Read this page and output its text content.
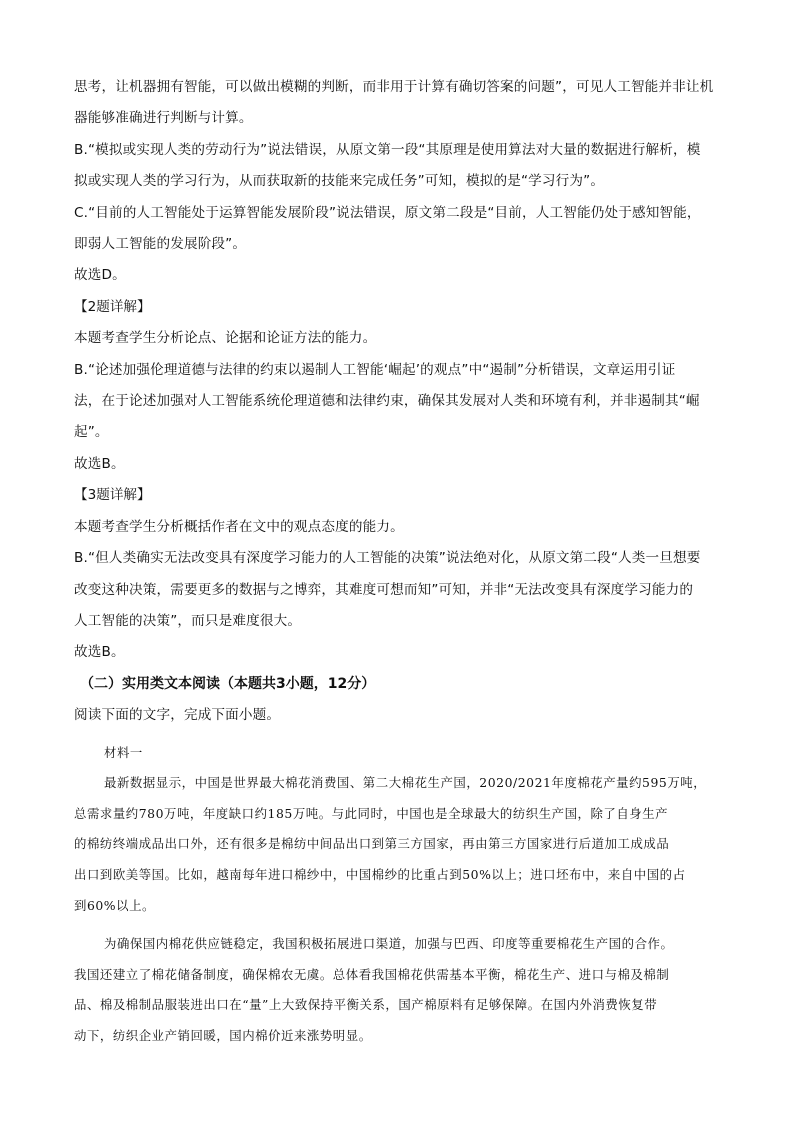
思考，让机器拥有智能，可以做出模糊的判断，而非用于计算有确切答案的问题”，可见人工智能并非让机
器能够准确进行判断与计算。
B.“模拟或实现人类的劳动行为”说法错误，从原文第一段“其原理是使用算法对大量的数据进行解析，模
拟或实现人类的学习行为，从而获取新的技能来完成任务”可知，模拟的是“学习行为”。
C.“目前的人工智能处于运算智能发展阶段”说法错误，原文第二段是“目前，人工智能仍处于感知智能，
即弱人工智能的发展阶段”。
故选D。
【2题详解】
本题考查学生分析论点、论据和论证方法的能力。
B.“论述加强伦理道德与法律的约束以遏制人工智能‘崛起’的观点”中“遏制”分析错误，文章运用引证
法，在于论述加强对人工智能系统伦理道德和法律约束，确保其发展对人类和环境有利，并非遏制其“崛
起”。
故选B。
【3题详解】
本题考查学生分析概括作者在文中的观点态度的能力。
B.“但人类确实无法改变具有深度学习能力的人工智能的决策”说法绝对化，从原文第二段“人类一旦想要
改变这种决策，需要更多的数据与之博弈，其难度可想而知”可知，并非“无法改变具有深度学习能力的
人工智能的决策”，而只是难度很大。
故选B。
（二）实用类文本阅读（本题共3小题，12分）
阅读下面的文字，完成下面小题。
材料一
最新数据显示，中国是世界最大棉花消费国、第二大棉花生产国，2020/2021年度棉花产量约595万吨，
总需求量约780万吨，年度缺口约185万吨。与此同时，中国也是全球最大的纺织生产国，除了自身生产
的棉纺终端成品出口外，还有很多是棉纺中间品出口到第三方国家，再由第三方国家进行后道加工成成品
出口到欧美等国。比如，越南每年进口棉纱中，中国棉纱的比重占到50%以上；进口坯布中，来自中国的占
到60%以上。
为确保国内棉花供应链稳定，我国积极拓展进口渠道，加强与巴西、印度等重要棉花生产国的合作。
我国还建立了棉花储备制度，确保棉农无虞。总体看我国棉花供需基本平衡，棉花生产、进口与棉及棉制
品、棉及棉制品服装进出口在“量”上大致保持平衡关系，国产棉原料有足够保障。在国内外消费恢复带
动下，纺织企业产销回暖，国内棉价近来涨势明显。
